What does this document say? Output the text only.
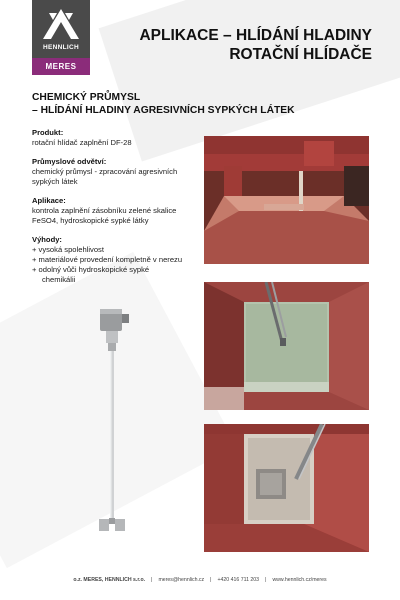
HENNLICH
MERES
APLIKACE – HLÍDÁNÍ HLADINY
ROTAČNÍ HLÍDAČE
CHEMICKÝ PRŮMYSL
– HLÍDÁNÍ HLADINY AGRESIVNÍCH SYPKÝCH LÁTEK
Produkt:
rotační hlídač zaplnění DF-28
Průmyslové odvětví:
chemický průmysl - zpracování agresivních
sypkých látek
Aplikace:
kontrola zaplnění zásobníku zelené skalice
FeSO4, hydroskopické sypké látky
Výhody:
+ vysoká spolehlivost
+ materiálové provedení kompletně v nerezu
+ odolný vůči hydroskopické sypké
chemikálii
o.z. MERES, HENNLICH s.r.o. | meres@hennlich.cz | +420 416 711 203 | www.hennlich.cz/meres
